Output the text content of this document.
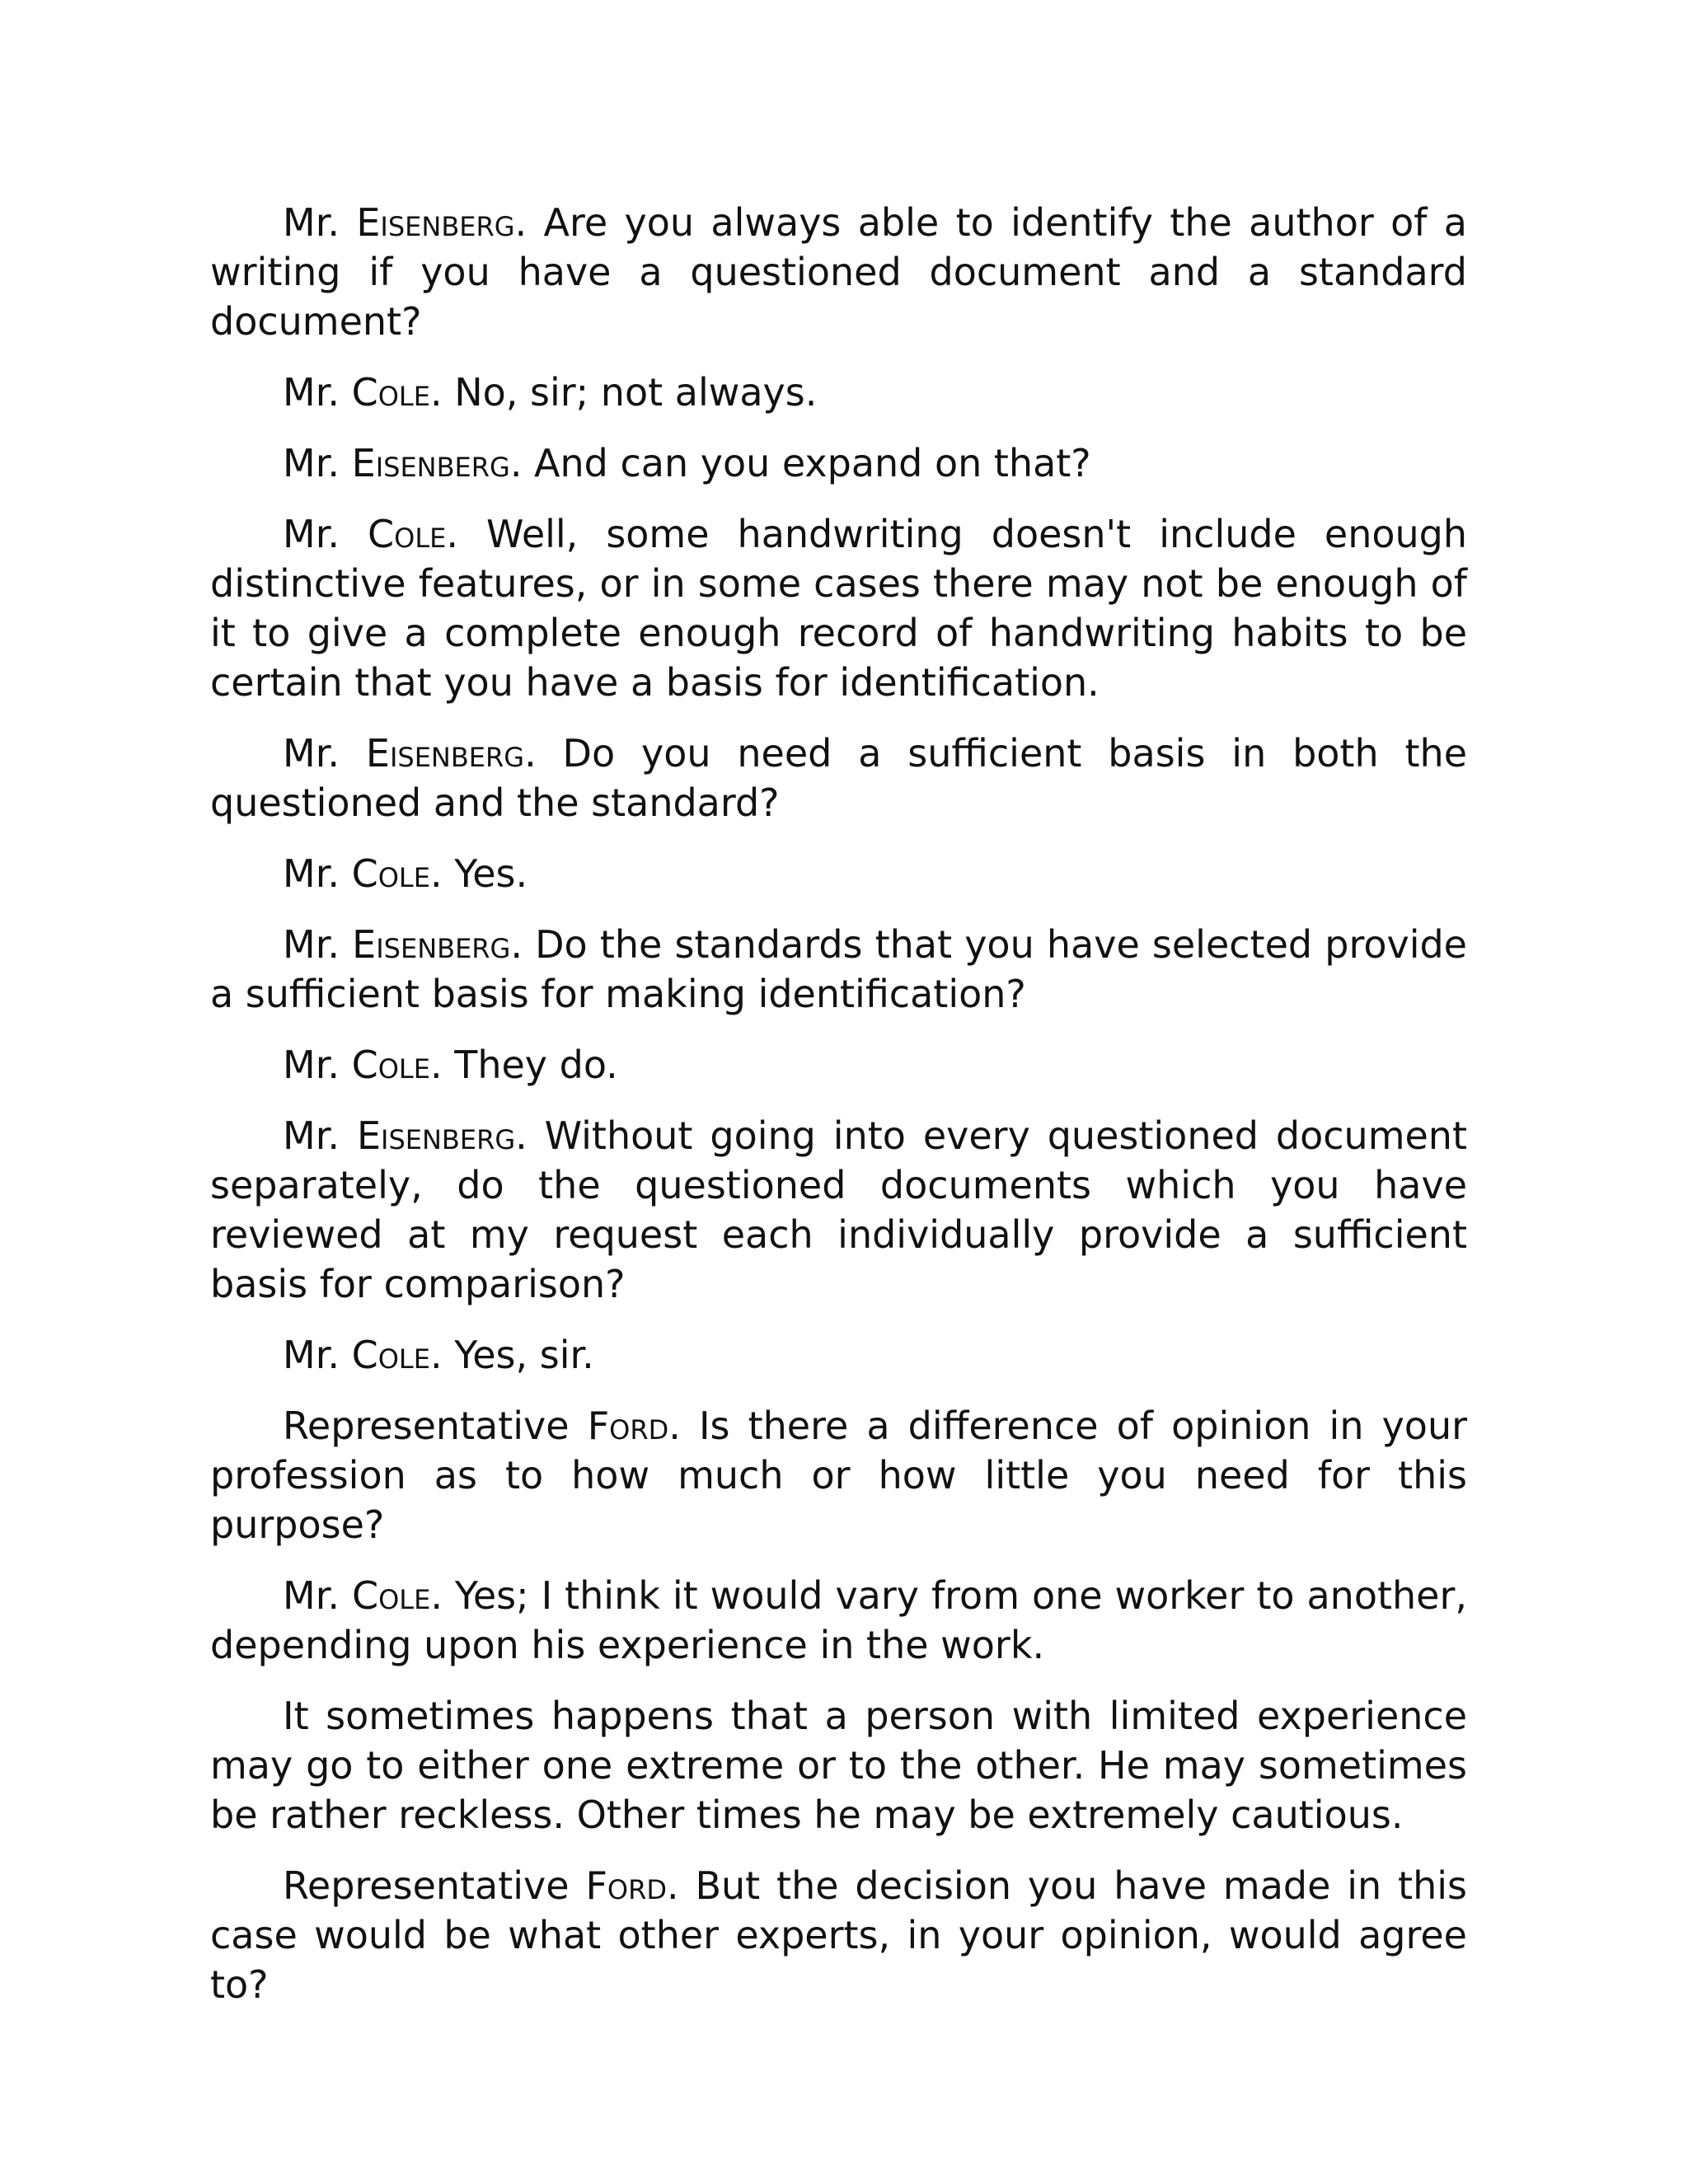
Mr. Eisenberg. Are you always able to identify the author of a writing if you have a questioned document and a standard document?

Mr. Cole. No, sir; not always.

Mr. Eisenberg. And can you expand on that?

Mr. Cole. Well, some handwriting doesn't include enough distinctive features, or in some cases there may not be enough of it to give a complete enough record of handwriting habits to be certain that you have a basis for identification.

Mr. Eisenberg. Do you need a sufficient basis in both the questioned and the standard?

Mr. Cole. Yes.

Mr. Eisenberg. Do the standards that you have selected provide a sufficient basis for making identification?

Mr. Cole. They do.

Mr. Eisenberg. Without going into every questioned document separately, do the questioned documents which you have reviewed at my request each individually provide a sufficient basis for comparison?

Mr. Cole. Yes, sir.

Representative Ford. Is there a difference of opinion in your profession as to how much or how little you need for this purpose?

Mr. Cole. Yes; I think it would vary from one worker to another, depending upon his experience in the work.

It sometimes happens that a person with limited experience may go to either one extreme or to the other. He may sometimes be rather reckless. Other times he may be extremely cautious.

Representative Ford. But the decision you have made in this case would be what other experts, in your opinion, would agree to?
